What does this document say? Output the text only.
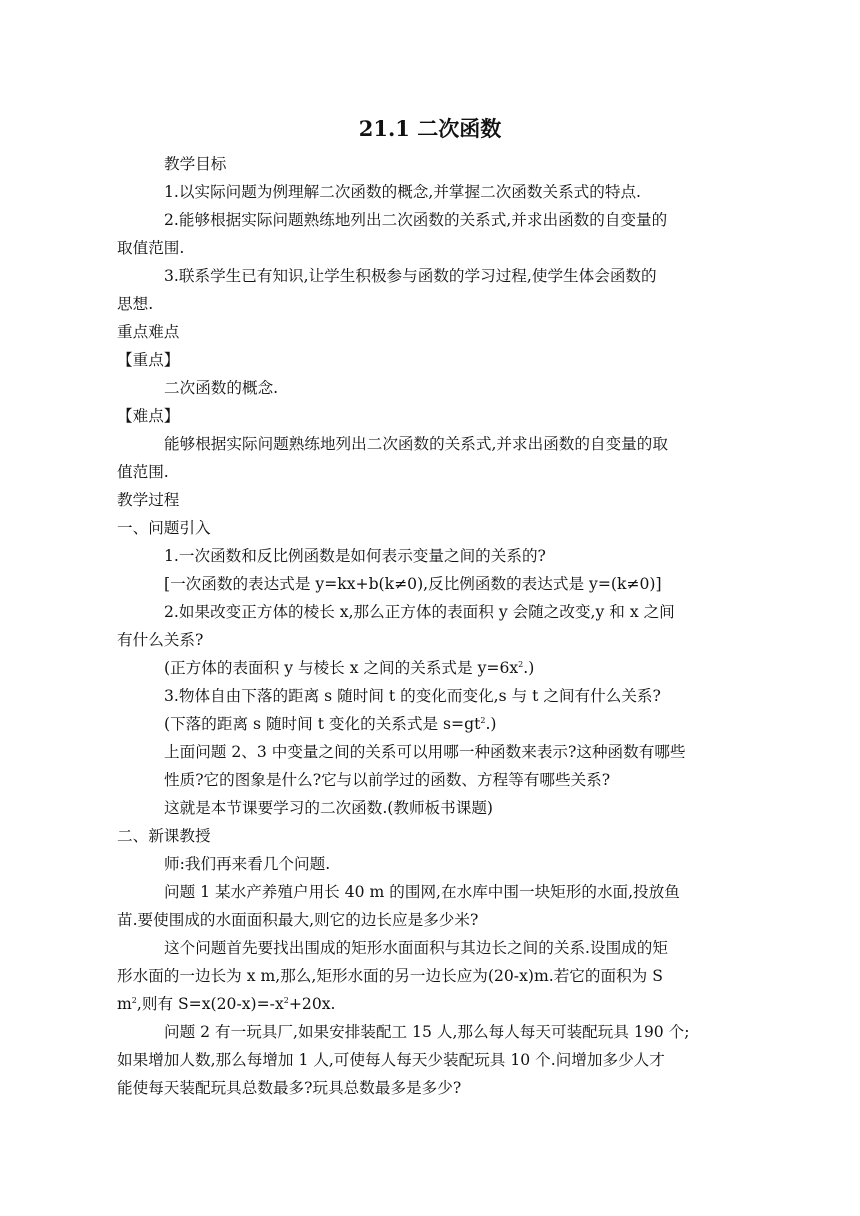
21.1 二次函数

教学目标

1.以实际问题为例理解二次函数的概念,并掌握二次函数关系式的特点.

2.能够根据实际问题熟练地列出二次函数的关系式,并求出函数的自变量的

取值范围.

3.联系学生已有知识,让学生积极参与函数的学习过程,使学生体会函数的

思想.

重点难点

【重点】

二次函数的概念.

【难点】

能够根据实际问题熟练地列出二次函数的关系式,并求出函数的自变量的取

值范围.

教学过程

一、问题引入

1.一次函数和反比例函数是如何表示变量之间的关系的?

[一次函数的表达式是 y=kx+b(k≠0),反比例函数的表达式是 y=(k≠0)]

2.如果改变正方体的棱长 x,那么正方体的表面积 y 会随之改变,y 和 x 之间

有什么关系?

(正方体的表面积 y 与棱长 x 之间的关系式是 $y=6x^2$.)

3.物体自由下落的距离 s 随时间 t 的变化而变化,s 与 t 之间有什么关系?

(下落的距离 s 随时间 t 变化的关系式是 $s=gt^2$.)

上面问题 2、3 中变量之间的关系可以用哪一种函数来表示?这种函数有哪些

性质?它的图象是什么?它与以前学过的函数、方程等有哪些关系?

这就是本节课要学习的二次函数.(教师板书课题)

二、新课教授

师:我们再来看几个问题.

问题 1 某水产养殖户用长 40 m 的围网,在水库中围一块矩形的水面,投放鱼

苗.要使围成的水面面积最大,则它的边长应是多少米?

这个问题首先要找出围成的矩形水面面积与其边长之间的关系.设围成的矩

形水面的一边长为 x m,那么,矩形水面的另一边长应为(20-x)m.若它的面积为 S

$m^2$,则有 $S=x(20-x)=-x^2+20x$.

问题 2 有一玩具厂,如果安排装配工 15 人,那么每人每天可装配玩具 190 个;

如果增加人数,那么每增加 1 人,可使每人每天少装配玩具 10 个.问增加多少人才

能使每天装配玩具总数最多?玩具总数最多是多少?
